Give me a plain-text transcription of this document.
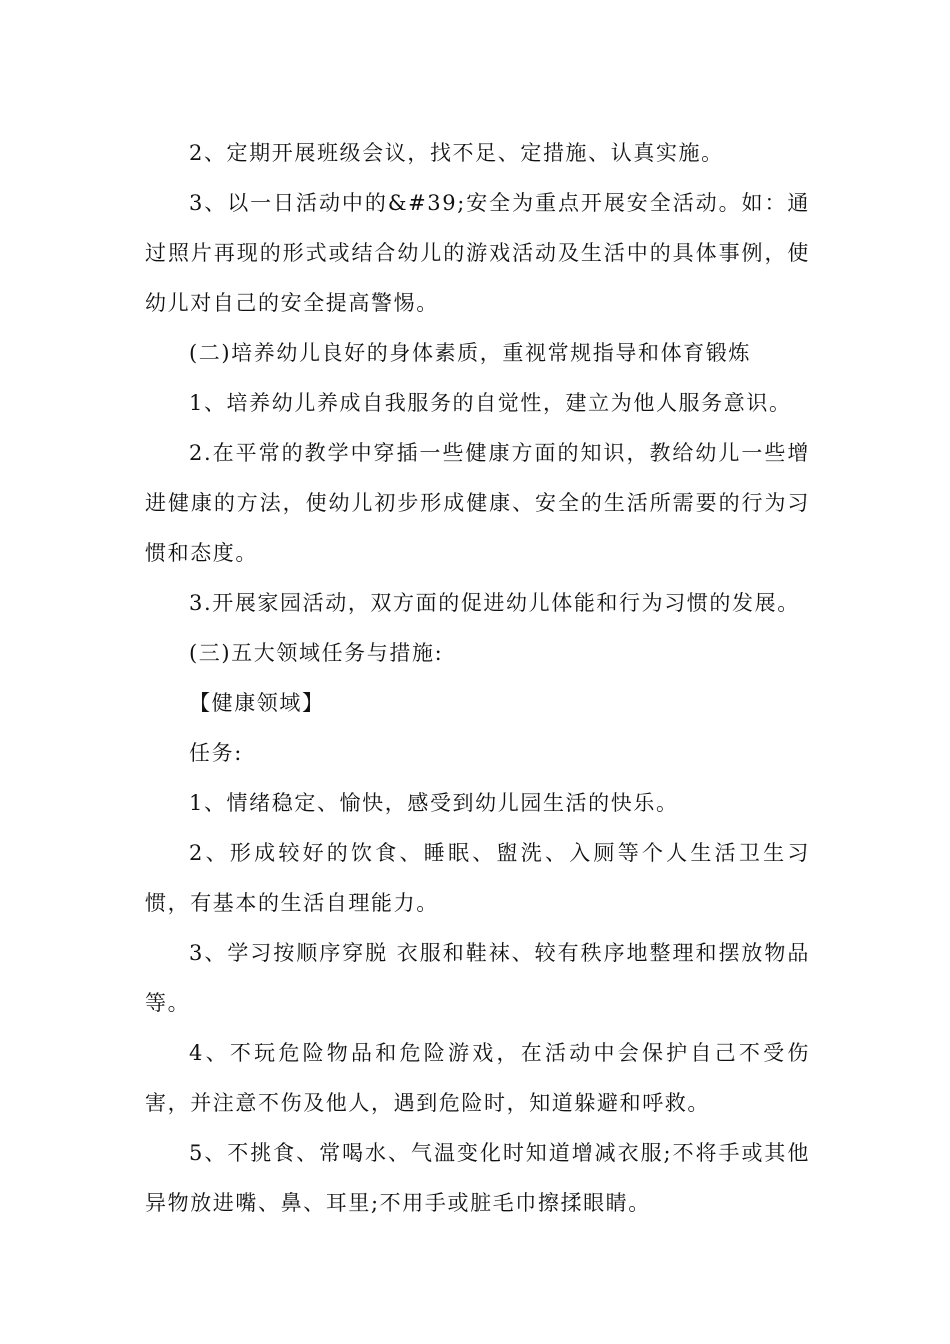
2、定期开展班级会议，找不足、定措施、认真实施。

3、以一日活动中的&#39;安全为重点开展安全活动。如：通过照片再现的形式或结合幼儿的游戏活动及生活中的具体事例，使幼儿对自己的安全提高警惕。

(二)培养幼儿良好的身体素质，重视常规指导和体育锻炼

1、培养幼儿养成自我服务的自觉性，建立为他人服务意识。

2.在平常的教学中穿插一些健康方面的知识，教给幼儿一些增进健康的方法，使幼儿初步形成健康、安全的生活所需要的行为习惯和态度。

3.开展家园活动，双方面的促进幼儿体能和行为习惯的发展。

(三)五大领域任务与措施:

【健康领域】

任务:

1、情绪稳定、愉快，感受到幼儿园生活的快乐。

2、形成较好的饮食、睡眠、盥洗、入厕等个人生活卫生习惯，有基本的生活自理能力。

3、学习按顺序穿脱 衣服和鞋袜、较有秩序地整理和摆放物品等。

4、不玩危险物品和危险游戏，在活动中会保护自己不受伤害，并注意不伤及他人，遇到危险时，知道躲避和呼救。

5、不挑食、常喝水、气温变化时知道增减衣服;不将手或其他异物放进嘴、鼻、耳里;不用手或脏毛巾擦揉眼睛。
